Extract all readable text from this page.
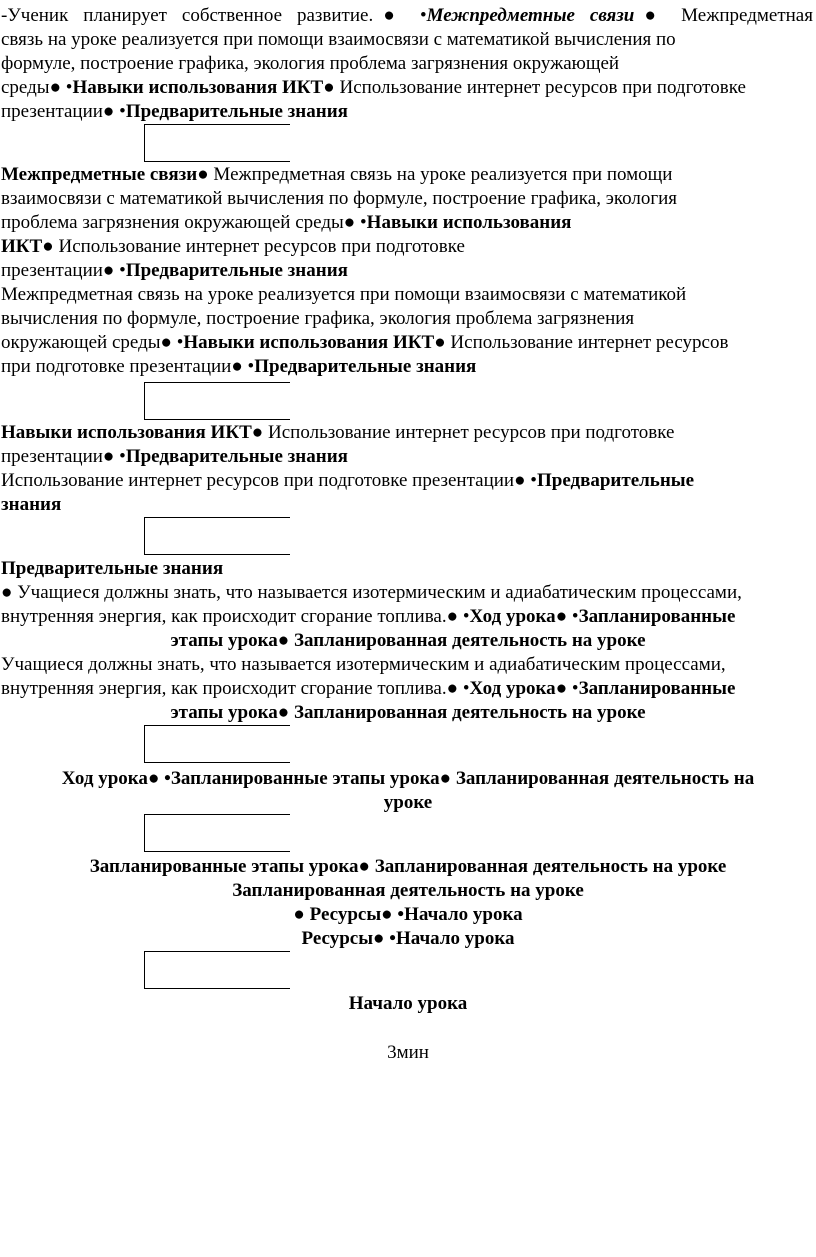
-Ученик планирует собственное развитие.● •Межпредметные связи● Межпредметная
связь на уроке реализуется при помощи взаимосвязи с математикой вычисления по
формуле, построение графика, экология проблема загрязнения окружающей
среды● •Навыки использования ИКТ● Использование интернет ресурсов при подготовке
презентации● •Предварительные знания
Межпредметные связи● Межпредметная связь на уроке реализуется при помощи
взаимосвязи с математикой вычисления по формуле, построение графика, экология
проблема загрязнения окружающей среды● •Навыки использования
ИКТ● Использование интернет ресурсов при подготовке
презентации● •Предварительные знания
Межпредметная связь на уроке реализуется при помощи взаимосвязи с математикой
вычисления по формуле, построение графика, экология проблема загрязнения
окружающей среды● •Навыки использования ИКТ● Использование интернет ресурсов
при подготовке презентации● •Предварительные знания
Навыки использования ИКТ● Использование интернет ресурсов при подготовке
презентации● •Предварительные знания
Использование интернет ресурсов при подготовке презентации● •Предварительные
знания
Предварительные знания
● Учащиеся должны знать, что называется изотермическим и адиабатическим процессами,
внутренняя энергия, как происходит сгорание топлива.● •Ход урока● •Запланированные
этапы урока● Запланированная деятельность на уроке
Учащиеся должны знать, что называется изотермическим и адиабатическим процессами,
внутренняя энергия, как происходит сгорание топлива.● •Ход урока● •Запланированные
этапы урока● Запланированная деятельность на уроке
Ход урока● •Запланированные этапы урока● Запланированная деятельность на
уроке
Запланированные этапы урока● Запланированная деятельность на уроке
Запланированная деятельность на уроке
● Ресурсы● •Начало урока
Ресурсы● •Начало урока
Начало урока
3мин
